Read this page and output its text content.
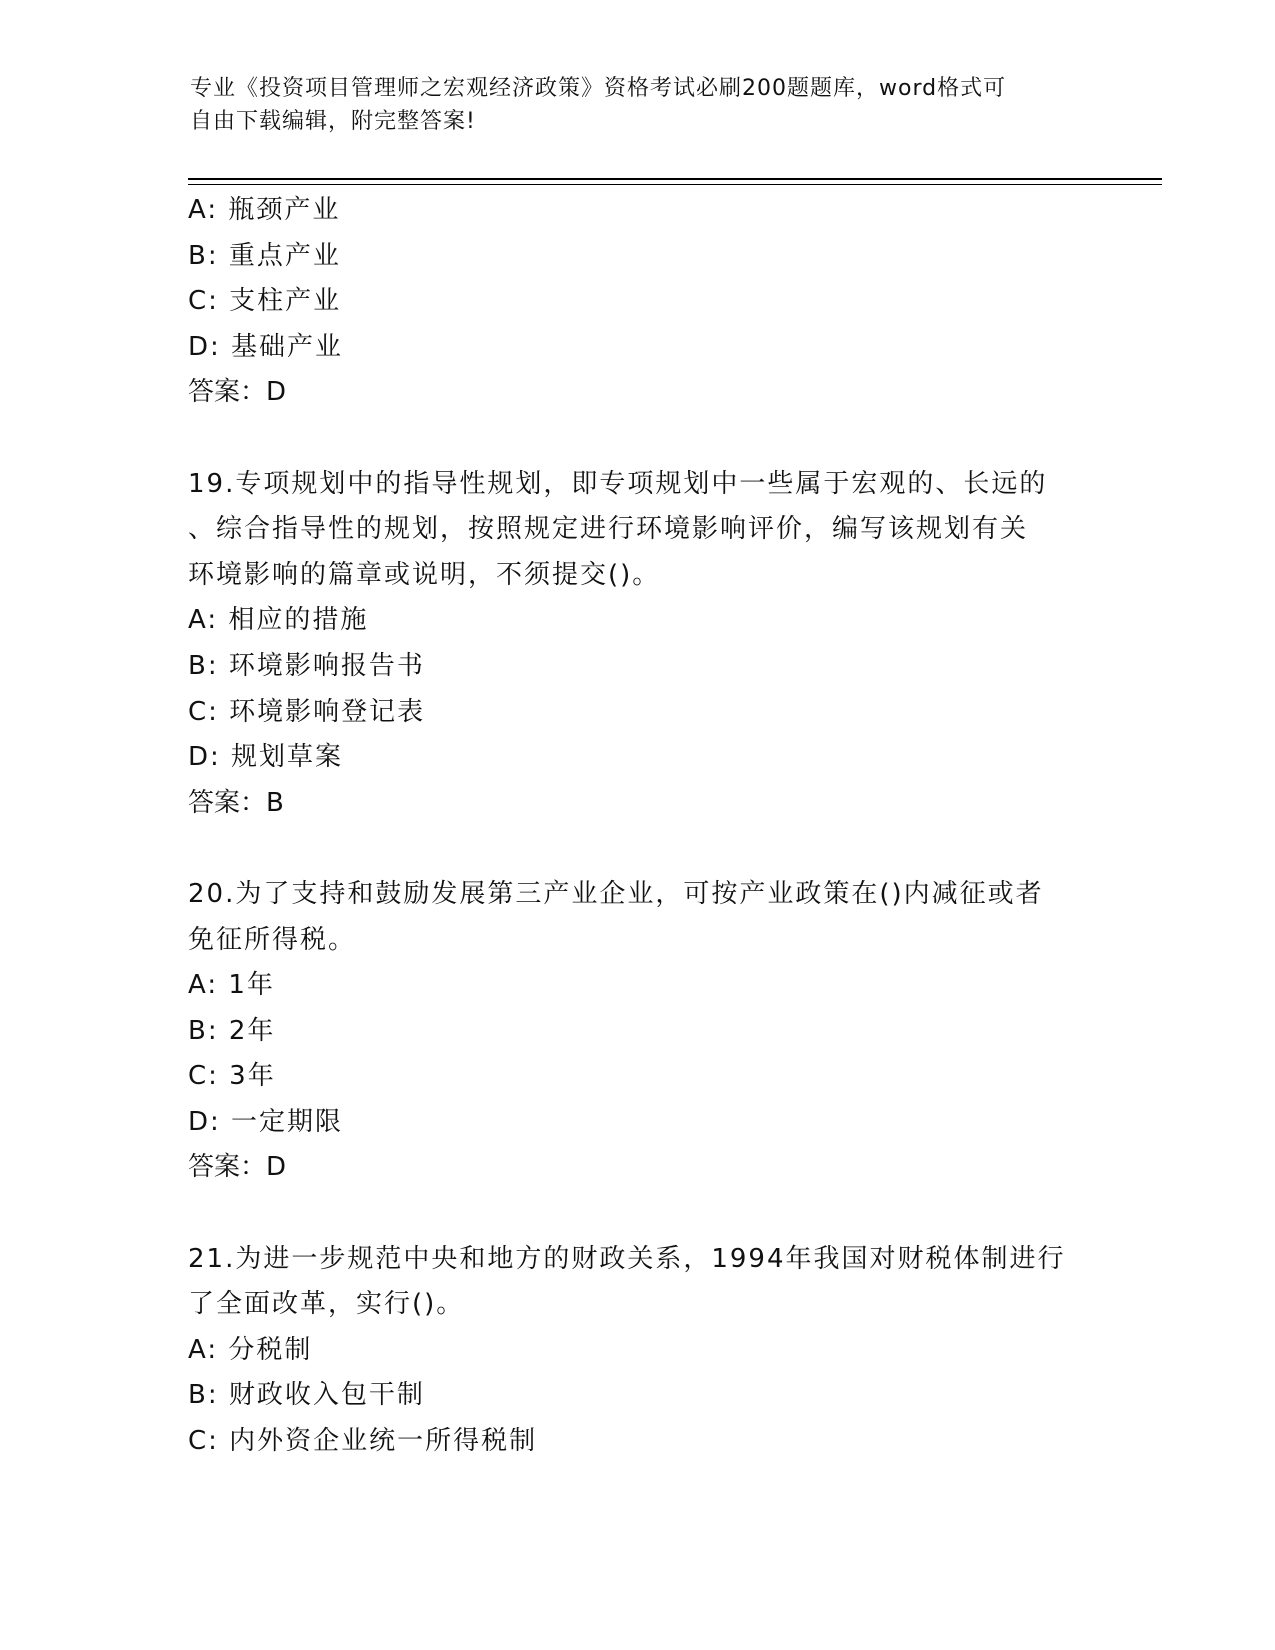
专业《投资项目管理师之宏观经济政策》资格考试必刷200题题库，word格式可
自由下载编辑，附完整答案!
A: 瓶颈产业
B: 重点产业
C: 支柱产业
D: 基础产业
答案：D
19.专项规划中的指导性规划，即专项规划中一些属于宏观的、长远的
、综合指导性的规划，按照规定进行环境影响评价，编写该规划有关
环境影响的篇章或说明，不须提交()。
A: 相应的措施
B: 环境影响报告书
C: 环境影响登记表
D: 规划草案
答案：B
20.为了支持和鼓励发展第三产业企业，可按产业政策在()内减征或者
免征所得税。
A: 1年
B: 2年
C: 3年
D: 一定期限
答案：D
21.为进一步规范中央和地方的财政关系，1994年我国对财税体制进行
了全面改革，实行()。
A: 分税制
B: 财政收入包干制
C: 内外资企业统一所得税制
